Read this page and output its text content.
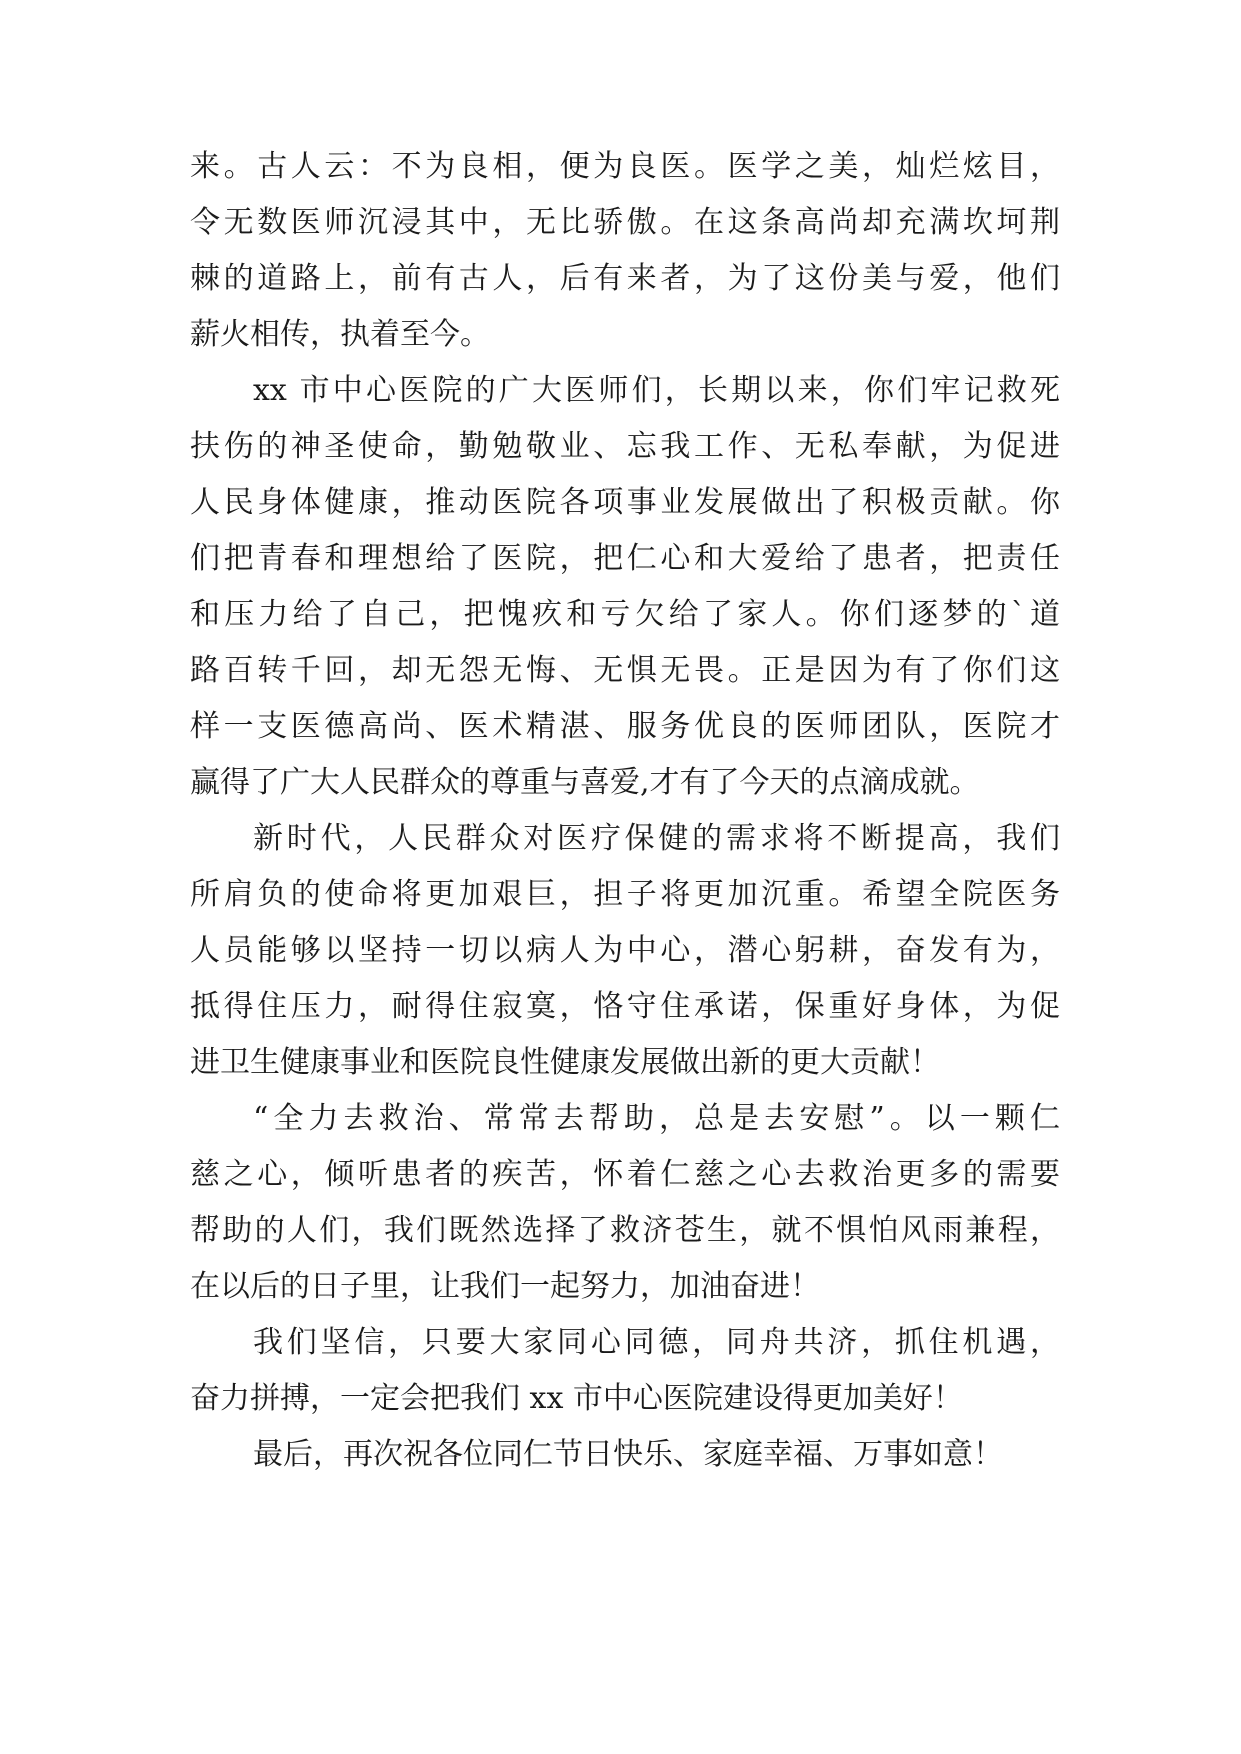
来。古人云：不为良相，便为良医。医学之美，灿烂炫目，
令无数医师沉浸其中，无比骄傲。在这条高尚却充满坎坷荆
棘的道路上，前有古人，后有来者，为了这份美与爱，他们
薪火相传，执着至今。
xx 市中心医院的广大医师们，长期以来，你们牢记救死
扶伤的神圣使命，勤勉敬业、忘我工作、无私奉献，为促进
人民身体健康，推动医院各项事业发展做出了积极贡献。你
们把青春和理想给了医院，把仁心和大爱给了患者，把责任
和压力给了自己，把愧疚和亏欠给了家人。你们逐梦的`道
路百转千回，却无怨无悔、无惧无畏。正是因为有了你们这
样一支医德高尚、医术精湛、服务优良的医师团队，医院才
赢得了广大人民群众的尊重与喜爱,才有了今天的点滴成就。
新时代，人民群众对医疗保健的需求将不断提高，我们
所肩负的使命将更加艰巨，担子将更加沉重。希望全院医务
人员能够以坚持一切以病人为中心，潜心躬耕，奋发有为，
抵得住压力，耐得住寂寞，恪守住承诺，保重好身体，为促
进卫生健康事业和医院良性健康发展做出新的更大贡献！
“全力去救治、常常去帮助，总是去安慰”。以一颗仁
慈之心，倾听患者的疾苦，怀着仁慈之心去救治更多的需要
帮助的人们，我们既然选择了救济苍生，就不惧怕风雨兼程，
在以后的日子里，让我们一起努力，加油奋进！
我们坚信，只要大家同心同德，同舟共济，抓住机遇，
奋力拼搏，一定会把我们 xx 市中心医院建设得更加美好！
最后，再次祝各位同仁节日快乐、家庭幸福、万事如意！
